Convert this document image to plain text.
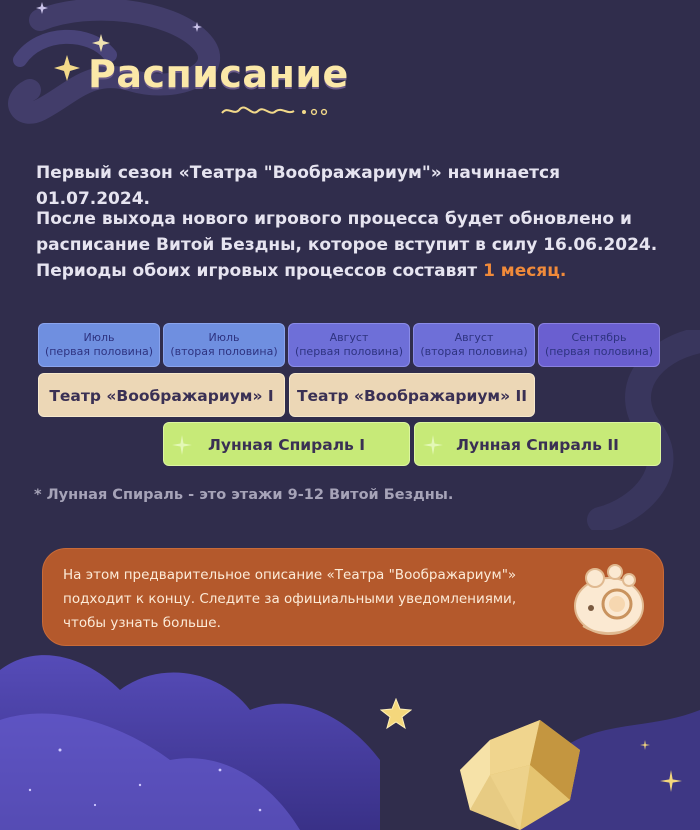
Расписание

Первый сезон «Театра "Воображариум"» начинается 01.07.2024.

После выхода нового игрового процесса будет обновлено и расписание Витой Бездны, которое вступит в силу 16.06.2024. Периоды обоих игровых процессов составят 1 месяц.

Июль
(первая половина)
Июль
(вторая половина)
Август
(первая половина)
Август
(вторая половина)
Сентябрь
(первая половина)
Театр «Воображариум» I	Театр «Воображариум» II
Лунная Спираль I	Лунная Спираль II

* Лунная Спираль - это этажи 9-12 Витой Бездны.

На этом предварительное описание «Театра "Воображариум"»
подходит к концу. Следите за официальными уведомлениями,
чтобы узнать больше.
